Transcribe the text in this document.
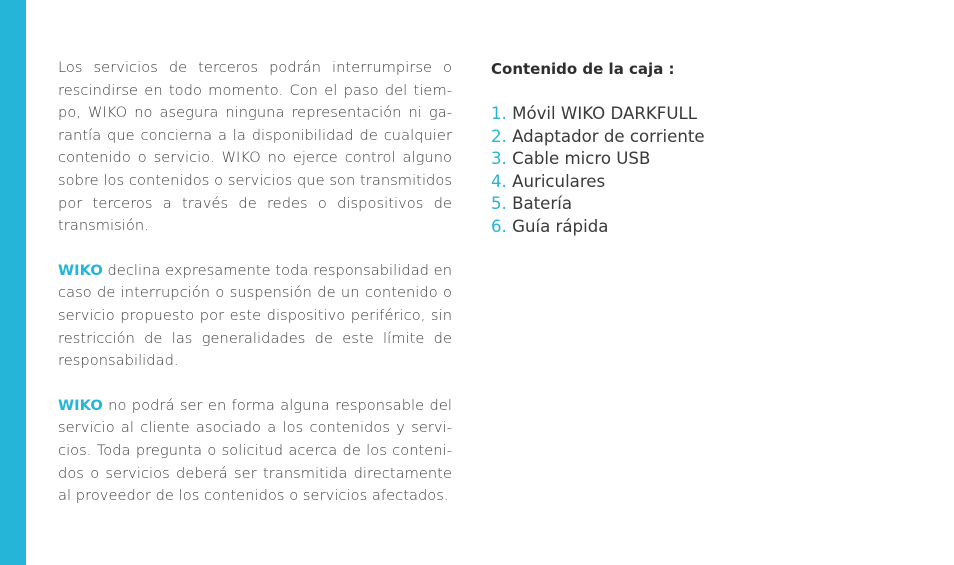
Los servicios de terceros podrán interrumpirse o rescindirse en todo momento. Con el paso del tiempo, WIKO no asegura ninguna representación ni garantía que concierna a la disponibilidad de cualquier contenido o servicio. WIKO no ejerce control alguno sobre los contenidos o servicios que son transmitidos por terceros a través de redes o dispositivos de transmisión.

WIKO declina expresamente toda responsabilidad en caso de interrupción o suspensión de un contenido o servicio propuesto por este dispositivo periférico, sin restricción de las generalidades de este límite de responsabilidad.

WIKO no podrá ser en forma alguna responsable del servicio al cliente asociado a los contenidos y servicios. Toda pregunta o solicitud acerca de los contenidos o servicios deberá ser transmitida directamente al proveedor de los contenidos o servicios afectados.

Contenido de la caja :
1. Móvil WIKO DARKFULL
2. Adaptador de corriente
3. Cable micro USB
4. Auriculares
5. Batería
6. Guía rápida
